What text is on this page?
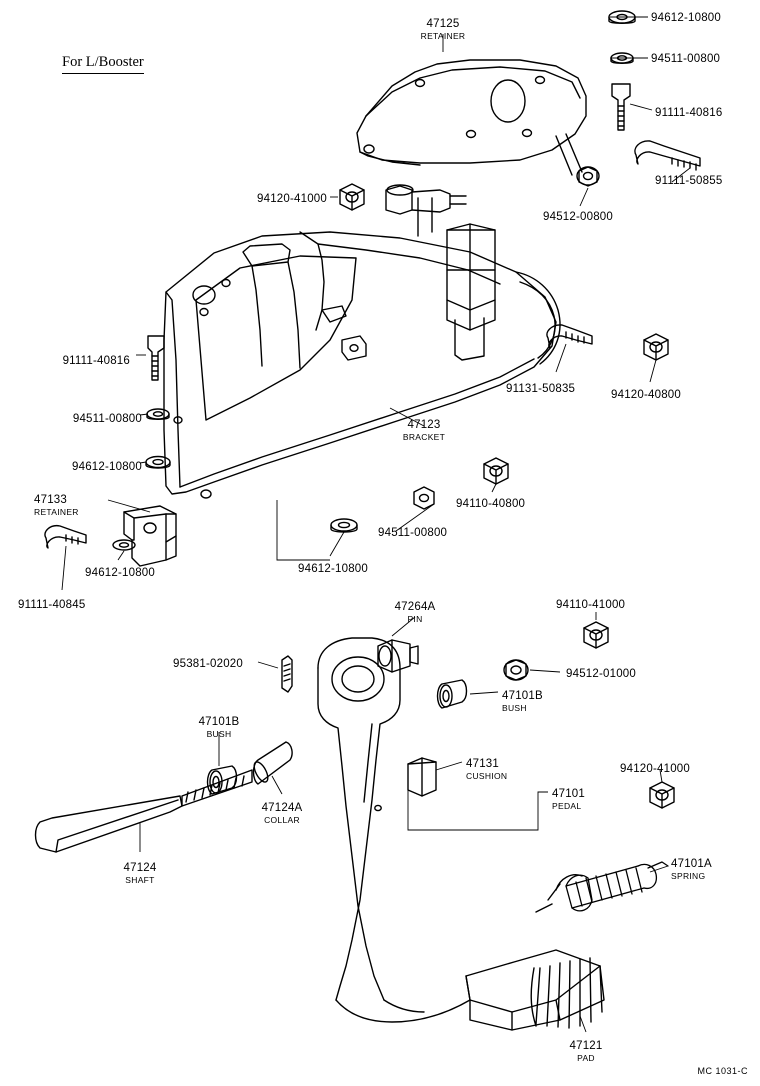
For L/Booster
47125
RETAINER
94612-10800
94511-00800
91111-40816
91111-50855
94120-41000
94512-00800
91111-40816
91131-50835	94120-40800
94511-00800	47123
BRACKET
94612-10800
94110-40800
47133
RETAINER
94511-00800
94612-10800	94612-10800
91111-40845	47264A
PIN
94110-41000
95381-02020
94512-01000
47101B
BUSH
47101B
BUSH
47131
CUSHION
47101
PEDAL
94120-41000
47124A
COLLAR
47101A
SPRING
47124
SHAFT
47121
PAD
MC 1031-C
